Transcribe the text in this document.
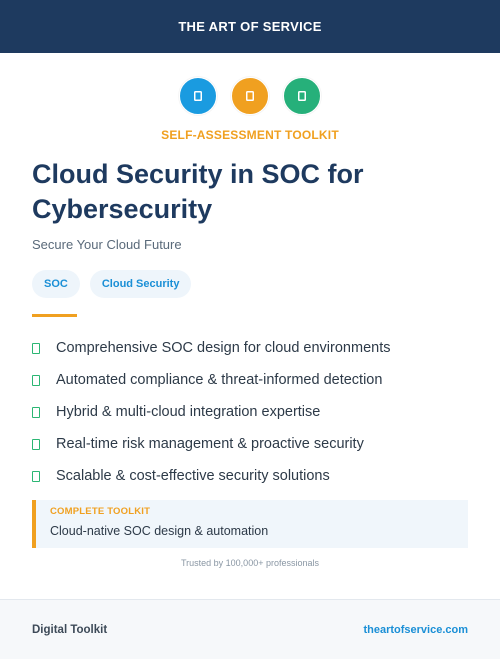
THE ART OF SERVICE
SELF-ASSESSMENT TOOLKIT
Cloud Security in SOC for Cybersecurity
Secure Your Cloud Future
SOC	Cloud Security
Comprehensive SOC design for cloud environments
Automated compliance & threat-informed detection
Hybrid & multi-cloud integration expertise
Real-time risk management & proactive security
Scalable & cost-effective security solutions
COMPLETE TOOLKIT
Cloud-native SOC design & automation
Trusted by 100,000+ professionals
Digital Toolkit	theartofservice.com
